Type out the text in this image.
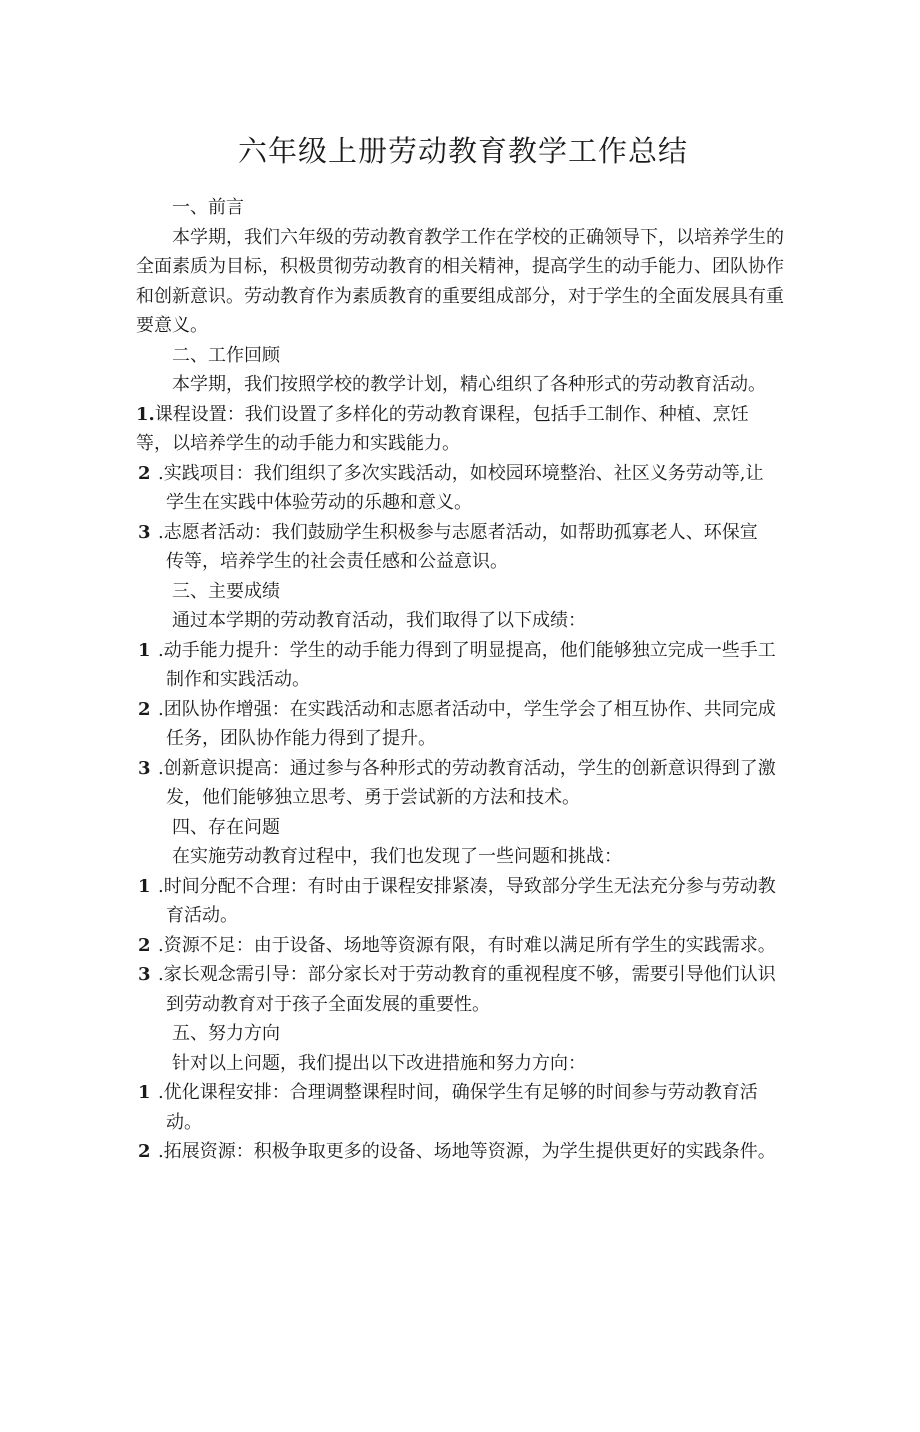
六年级上册劳动教育教学工作总结

一、前言

本学期，我们六年级的劳动教育教学工作在学校的正确领导下，以培养学生的全面素质为目标，积极贯彻劳动教育的相关精神，提高学生的动手能力、团队协作和创新意识。劳动教育作为素质教育的重要组成部分，对于学生的全面发展具有重要意义。

二、工作回顾

本学期，我们按照学校的教学计划，精心组织了各种形式的劳动教育活动。

1.课程设置：我们设置了多样化的劳动教育课程，包括手工制作、种植、烹饪

等，以培养学生的动手能力和实践能力。

2 .实践项目：我们组织了多次实践活动，如校园环境整治、社区义务劳动等,让

学生在实践中体验劳动的乐趣和意义。

3 .志愿者活动：我们鼓励学生积极参与志愿者活动，如帮助孤寡老人、环保宣

传等，培养学生的社会责任感和公益意识。

三、主要成绩

通过本学期的劳动教育活动，我们取得了以下成绩：

1 .动手能力提升：学生的动手能力得到了明显提高，他们能够独立完成一些手工

制作和实践活动。

2 .团队协作增强：在实践活动和志愿者活动中，学生学会了相互协作、共同完成

任务，团队协作能力得到了提升。

3 .创新意识提高：通过参与各种形式的劳动教育活动，学生的创新意识得到了激

发，他们能够独立思考、勇于尝试新的方法和技术。

四、存在问题

在实施劳动教育过程中，我们也发现了一些问题和挑战：

1 .时间分配不合理：有时由于课程安排紧凑，导致部分学生无法充分参与劳动教

育活动。

2 .资源不足：由于设备、场地等资源有限，有时难以满足所有学生的实践需求。

3 .家长观念需引导：部分家长对于劳动教育的重视程度不够，需要引导他们认识

到劳动教育对于孩子全面发展的重要性。

五、努力方向

针对以上问题，我们提出以下改进措施和努力方向：

1 .优化课程安排：合理调整课程时间，确保学生有足够的时间参与劳动教育活

动。

2 .拓展资源：积极争取更多的设备、场地等资源，为学生提供更好的实践条件。
